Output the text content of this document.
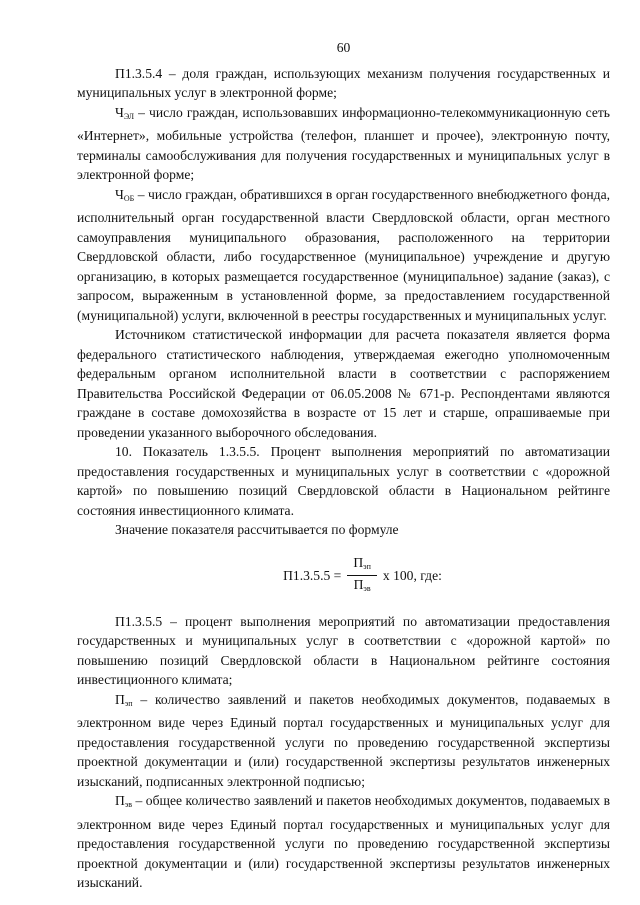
60

П1.3.5.4 – доля граждан, использующих механизм получения государственных и муниципальных услуг в электронной форме;

$Ч_{ЭЛ}$ – число граждан, использовавших информационно-телекоммуникационную сеть «Интернет», мобильные устройства (телефон, планшет и прочее), электронную почту, терминалы самообслуживания для получения государственных и муниципальных услуг в электронной форме;

$Ч_{ОБ}$ – число граждан, обратившихся в орган государственного внебюджетного фонда, исполнительный орган государственной власти Свердловской области, орган местного самоуправления муниципального образования, расположенного на территории Свердловской области, либо государственное (муниципальное) учреждение и другую организацию, в которых размещается государственное (муниципальное) задание (заказ), с запросом, выраженным в установленной форме, за предоставлением государственной (муниципальной) услуги, включенной в реестры государственных и муниципальных услуг.

Источником статистической информации для расчета показателя является форма федерального статистического наблюдения, утверждаемая ежегодно уполномоченным федеральным органом исполнительной власти в соответствии с распоряжением Правительства Российской Федерации от 06.05.2008 № 671-р. Респондентами являются граждане в составе домохозяйства в возрасте от 15 лет и старше, опрашиваемые при проведении указанного выборочного обследования.

10. Показатель 1.3.5.5. Процент выполнения мероприятий по автоматизации предоставления государственных и муниципальных услуг в соответствии с «дорожной картой» по повышению позиций Свердловской области в Национальном рейтинге состояния инвестиционного климата.

Значение показателя рассчитывается по формуле

$П1.3.5.5 = \frac{П_{эп}}{П_{эв}}$ х 100, где:

П1.3.5.5 – процент выполнения мероприятий по автоматизации предоставления государственных и муниципальных услуг в соответствии с «дорожной картой» по повышению позиций Свердловской области в Национальном рейтинге состояния инвестиционного климата;

$П_{эп}$ – количество заявлений и пакетов необходимых документов, подаваемых в электронном виде через Единый портал государственных и муниципальных услуг для предоставления государственной услуги по проведению государственной экспертизы проектной документации и (или) государственной экспертизы результатов инженерных изысканий, подписанных электронной подписью;

$П_{эв}$ – общее количество заявлений и пакетов необходимых документов, подаваемых в электронном виде через Единый портал государственных и муниципальных услуг для предоставления государственной услуги по проведению государственной экспертизы проектной документации и (или) государственной экспертизы результатов инженерных изысканий.
